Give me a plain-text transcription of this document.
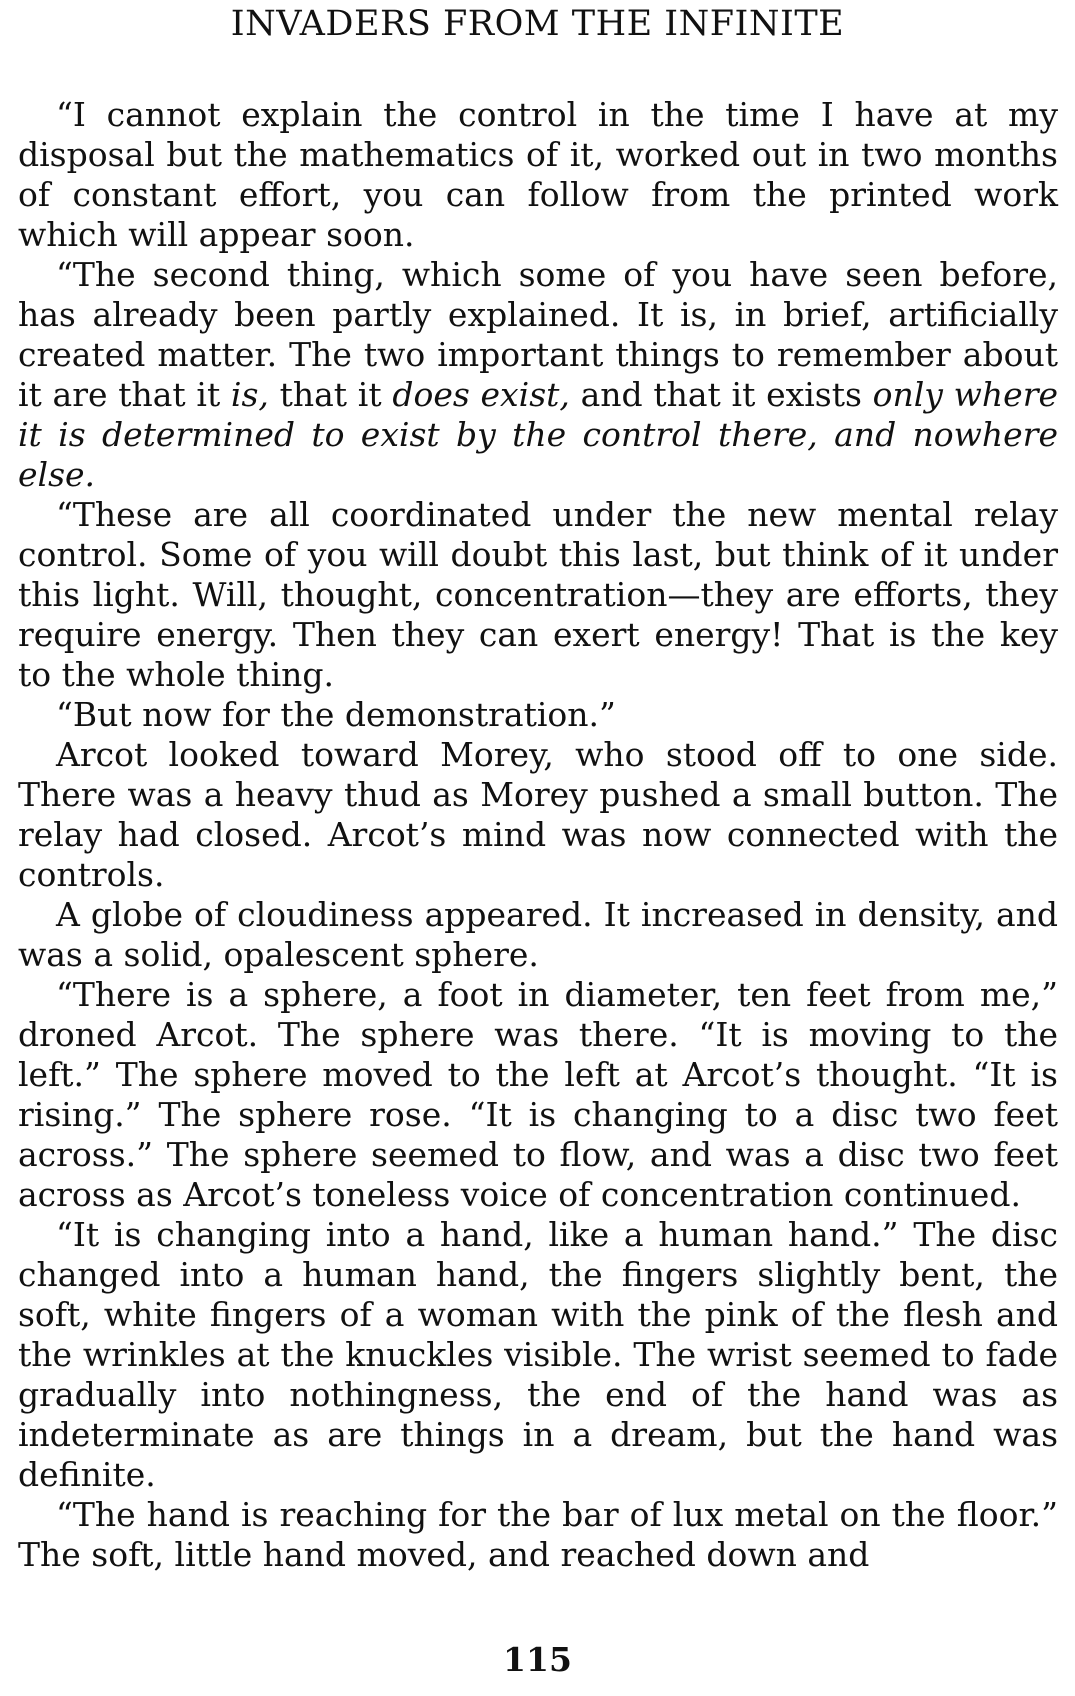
INVADERS FROM THE INFINITE

“I cannot explain the control in the time I have at my disposal but the mathematics of it, worked out in two months of constant effort, you can follow from the printed work which will appear soon.

“The second thing, which some of you have seen before, has already been partly explained. It is, in brief, artificially created matter. The two important things to remember about it are that it is, that it does exist, and that it exists only where it is determined to exist by the control there, and nowhere else.

“These are all coordinated under the new mental relay control. Some of you will doubt this last, but think of it under this light. Will, thought, concentration—they are efforts, they require energy. Then they can exert energy! That is the key to the whole thing.

“But now for the demonstration.”

Arcot looked toward Morey, who stood off to one side. There was a heavy thud as Morey pushed a small button. The relay had closed. Arcot’s mind was now connected with the controls.

A globe of cloudiness appeared. It increased in density, and was a solid, opalescent sphere.

“There is a sphere, a foot in diameter, ten feet from me,” droned Arcot. The sphere was there. “It is moving to the left.” The sphere moved to the left at Arcot’s thought. “It is rising.” The sphere rose. “It is changing to a disc two feet across.” The sphere seemed to flow, and was a disc two feet across as Arcot’s toneless voice of concentration continued.

“It is changing into a hand, like a human hand.” The disc changed into a human hand, the fingers slightly bent, the soft, white fingers of a woman with the pink of the flesh and the wrinkles at the knuckles visible. The wrist seemed to fade gradually into nothingness, the end of the hand was as indeterminate as are things in a dream, but the hand was definite.

“The hand is reaching for the bar of lux metal on the floor.” The soft, little hand moved, and reached down and

115
